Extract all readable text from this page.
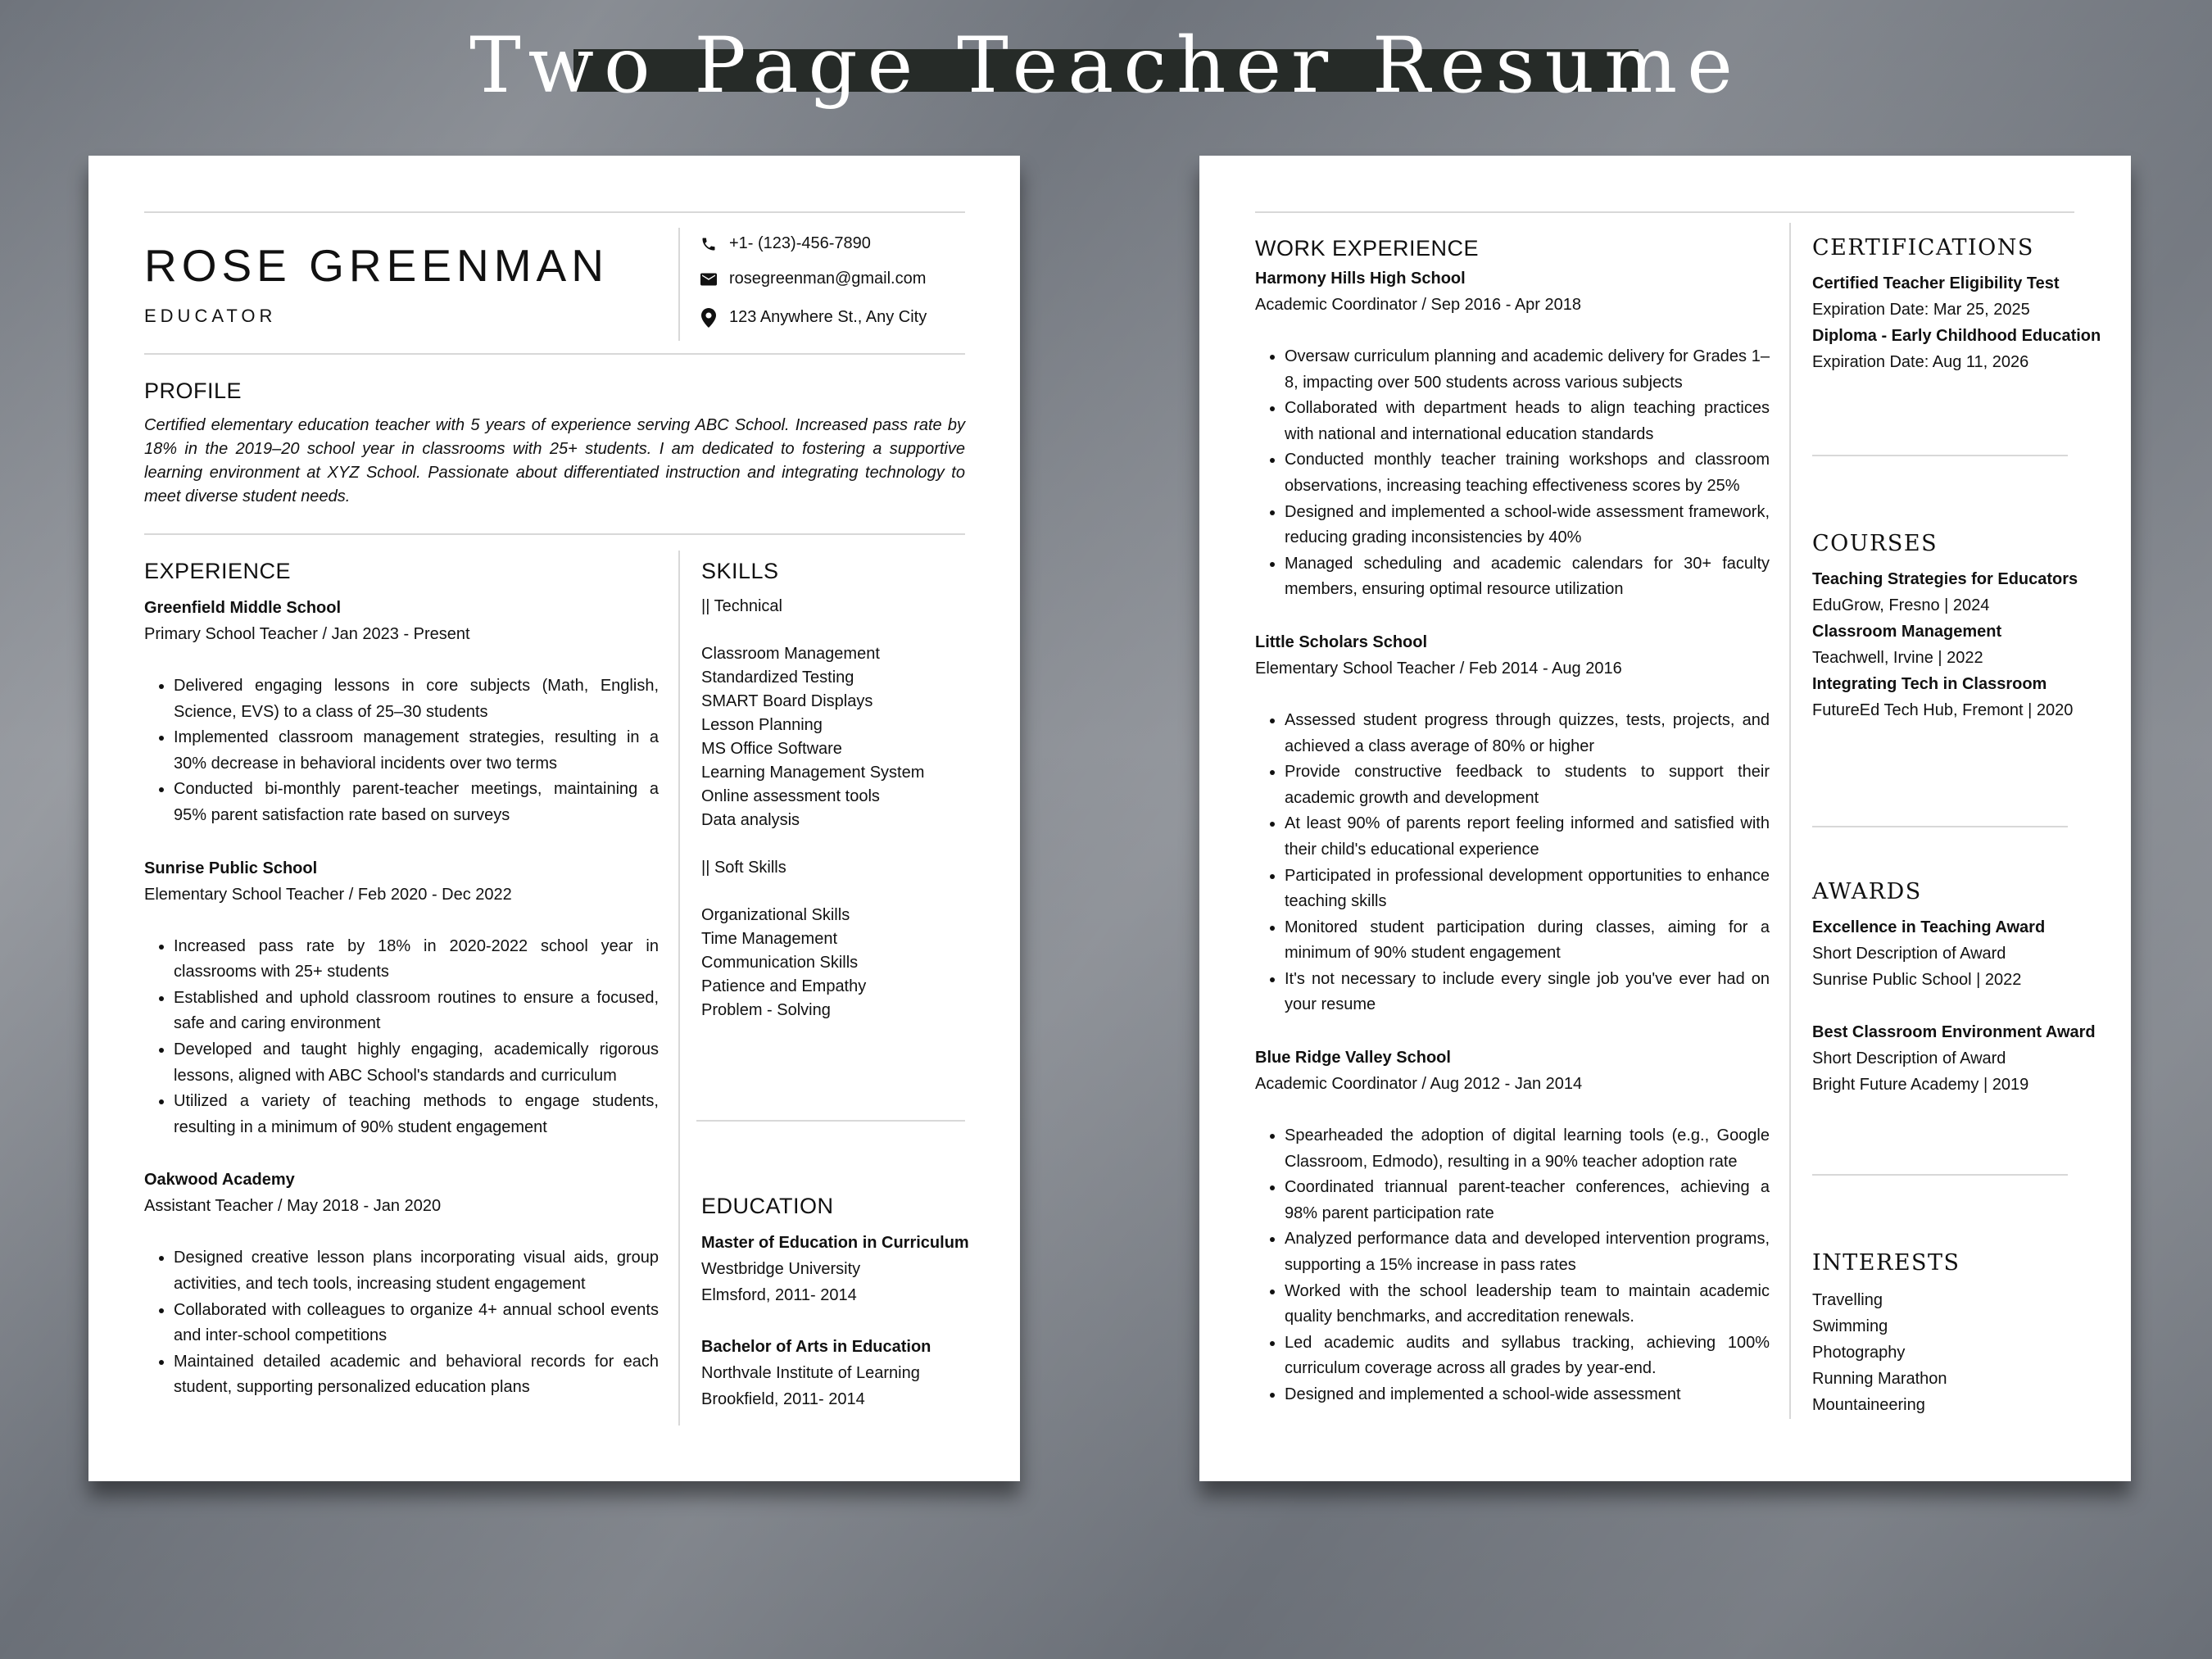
Two Page Teacher Resume
ROSE GREENMAN
EDUCATOR
+1- (123)-456-7890
rosegreenman@gmail.com
123 Anywhere St., Any City
PROFILE
Certified elementary education teacher with 5 years of experience serving ABC School. Increased pass rate by 18% in the 2019–20 school year in classrooms with 25+ students. I am dedicated to fostering a supportive learning environment at XYZ School. Passionate about differentiated instruction and integrating technology to meet diverse student needs.
EXPERIENCE
Greenfield Middle School
Primary School Teacher / Jan 2023 - Present
• Delivered engaging lessons in core subjects (Math, English, Science, EVS) to a class of 25–30 students
• Implemented classroom management strategies, resulting in a 30% decrease in behavioral incidents over two terms
• Conducted bi-monthly parent-teacher meetings, maintaining a 95% parent satisfaction rate based on surveys
Sunrise Public School
Elementary School Teacher / Feb 2020 - Dec 2022
• Increased pass rate by 18% in 2020-2022 school year in classrooms with 25+ students
• Established and uphold classroom routines to ensure a focused, safe and caring environment
• Developed and taught highly engaging, academically rigorous lessons, aligned with ABC School's standards and curriculum
• Utilized a variety of teaching methods to engage students, resulting in a minimum of 90% student engagement
Oakwood Academy
Assistant Teacher / May 2018 - Jan 2020
• Designed creative lesson plans incorporating visual aids, group activities, and tech tools, increasing student engagement
• Collaborated with colleagues to organize 4+ annual school events and inter-school competitions
• Maintained detailed academic and behavioral records for each student, supporting personalized education plans
SKILLS
|| Technical
Classroom Management
Standardized Testing
SMART Board Displays
Lesson Planning
MS Office Software
Learning Management System
Online assessment tools
Data analysis
|| Soft Skills
Organizational Skills
Time Management
Communication Skills
Patience and Empathy
Problem - Solving
EDUCATION
Master of Education in Curriculum
Westbridge University
Elmsford, 2011- 2014
Bachelor of Arts in Education
Northvale Institute of Learning
Brookfield, 2011- 2014
WORK EXPERIENCE
Harmony Hills High School
Academic Coordinator / Sep 2016 - Apr 2018
• Oversaw curriculum planning and academic delivery for Grades 1–8, impacting over 500 students across various subjects
• Collaborated with department heads to align teaching practices with national and international education standards
• Conducted monthly teacher training workshops and classroom observations, increasing teaching effectiveness scores by 25%
• Designed and implemented a school-wide assessment framework, reducing grading inconsistencies by 40%
• Managed scheduling and academic calendars for 30+ faculty members, ensuring optimal resource utilization
Little Scholars School
Elementary School Teacher / Feb 2014 - Aug 2016
• Assessed student progress through quizzes, tests, projects, and achieved a class average of 80% or higher
• Provide constructive feedback to students to support their academic growth and development
• At least 90% of parents report feeling informed and satisfied with their child's educational experience
• Participated in professional development opportunities to enhance teaching skills
• Monitored student participation during classes, aiming for a minimum of 90% student engagement
• It's not necessary to include every single job you've ever had on your resume
Blue Ridge Valley School
Academic Coordinator / Aug 2012 - Jan 2014
• Spearheaded the adoption of digital learning tools (e.g., Google Classroom, Edmodo), resulting in a 90% teacher adoption rate
• Coordinated triannual parent-teacher conferences, achieving a 98% parent participation rate
• Analyzed performance data and developed intervention programs, supporting a 15% increase in pass rates
• Worked with the school leadership team to maintain academic quality benchmarks, and accreditation renewals.
• Led academic audits and syllabus tracking, achieving 100% curriculum coverage across all grades by year-end.
• Designed and implemented a school-wide assessment
CERTIFICATIONS
Certified Teacher Eligibility Test
Expiration Date: Mar 25, 2025
Diploma - Early Childhood Education
Expiration Date: Aug 11, 2026
COURSES
Teaching Strategies for Educators
EduGrow, Fresno | 2024
Classroom Management
Teachwell, Irvine | 2022
Integrating Tech in Classroom
FutureEd Tech Hub, Fremont | 2020
AWARDS
Excellence in Teaching Award
Short Description of Award
Sunrise Public School | 2022
Best Classroom Environment Award
Short Description of Award
Bright Future Academy | 2019
INTERESTS
Travelling
Swimming
Photography
Running Marathon
Mountaineering
